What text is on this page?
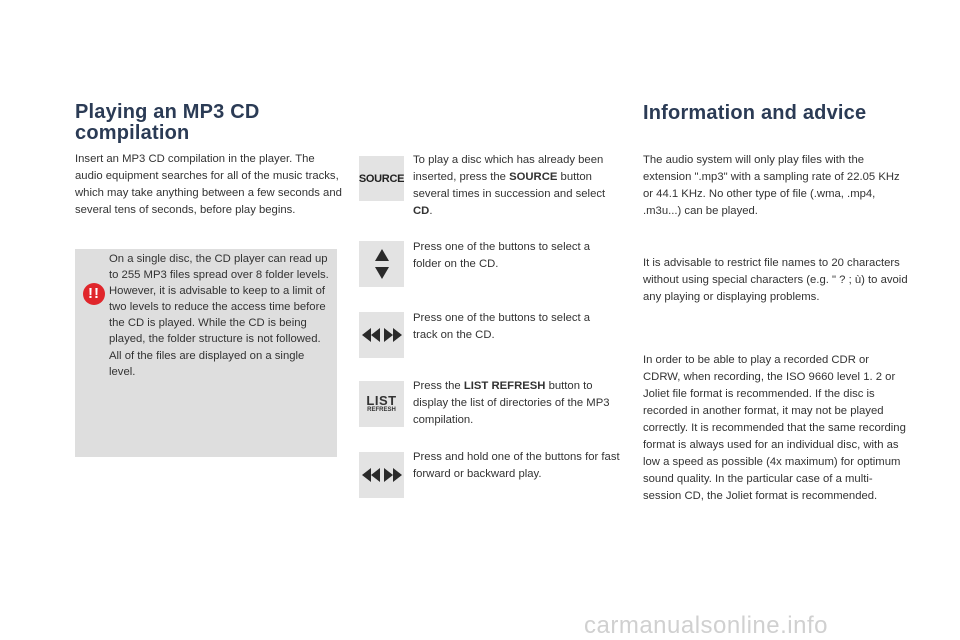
Playing an MP3 CD compilation

Insert an MP3 CD compilation in the player. The audio equipment searches for all of the music tracks, which may take anything between a few seconds and several tens of seconds, before play begins.

!!

On a single disc, the CD player can read up to 255 MP3 files spread over 8 folder levels. However, it is advisable to keep to a limit of two levels to reduce the access time before the CD is played. While the CD is being played, the folder structure is not followed. All of the files are displayed on a single level.

SOURCE
LIST
REFRESH

To play a disc which has already been inserted, press the SOURCE button several times in succession and select CD.

Press one of the buttons to select a folder on the CD.

Press one of the buttons to select a track on the CD.

Press the LIST REFRESH button to display the list of directories of the MP3 compilation.

Press and hold one of the buttons for fast forward or backward play.

Information and advice

The audio system will only play files with the extension ".mp3" with a sampling rate of 22.05 KHz or 44.1 KHz. No other type of file (.wma, .mp4, .m3u...) can be played.

It is advisable to restrict file names to 20 characters without using special characters (e.g. " ? ; ù) to avoid any playing or displaying problems.

In order to be able to play a recorded CDR or CDRW, when recording, the ISO 9660 level 1. 2 or Joliet file format is recommended. If the disc is recorded in another format, it may not be played correctly. It is recommended that the same recording format is always used for an individual disc, with as low a speed as possible (4x maximum) for optimum sound quality. In the particular case of a multi-session CD, the Joliet format is recommended.

carmanualsonline.info
